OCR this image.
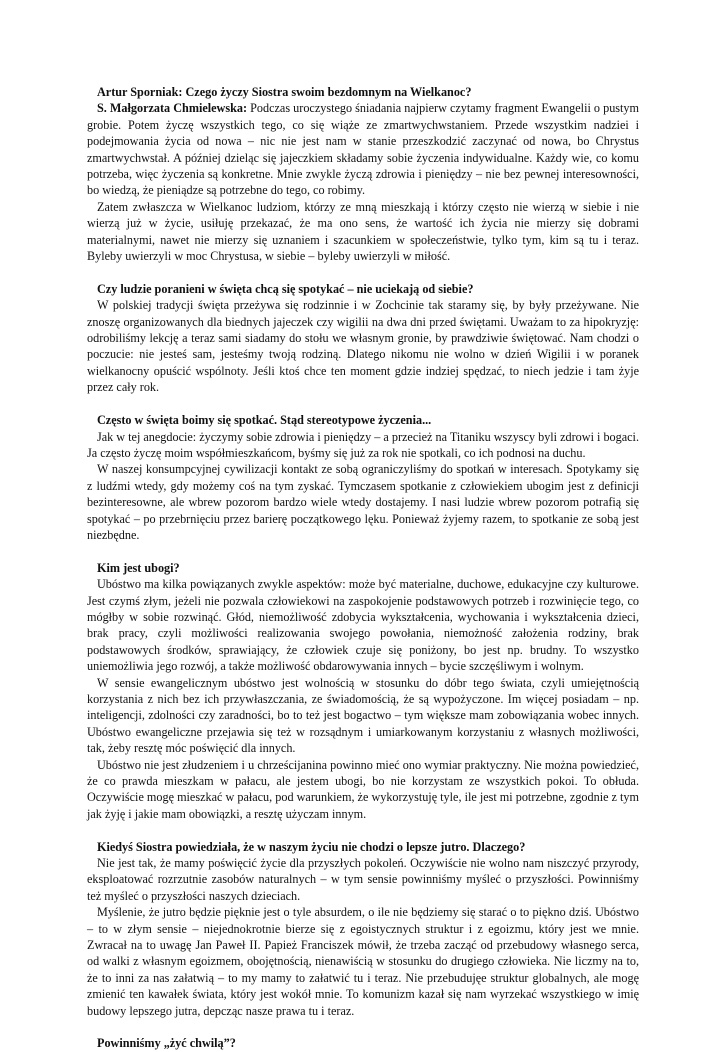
Artur Sporniak: Czego życzy Siostra swoim bezdomnym na Wielkanoc?

S. Małgorzata Chmielewska: Podczas uroczystego śniadania najpierw czytamy fragment Ewangelii o pustym grobie. Potem życzę wszystkich tego, co się wiąże ze zmartwychwstaniem. Przede wszystkim nadziei i podejmowania życia od nowa – nic nie jest nam w stanie przeszkodzić zaczynać od nowa, bo Chrystus zmartwychwstał. A później dzieląc się jajeczkiem składamy sobie życzenia indywidualne. Każdy wie, co komu potrzeba, więc życzenia są konkretne. Mnie zwykle życzą zdrowia i pieniędzy – nie bez pewnej interesowności, bo wiedzą, że pieniądze są potrzebne do tego, co robimy.

Zatem zwłaszcza w Wielkanoc ludziom, którzy ze mną mieszkają i którzy często nie wierzą w siebie i nie wierzą już w życie, usiłuję przekazać, że ma ono sens, że wartość ich życia nie mierzy się dobrami materialnymi, nawet nie mierzy się uznaniem i szacunkiem w społeczeństwie, tylko tym, kim są tu i teraz. Byleby uwierzyli w moc Chrystusa, w siebie – byleby uwierzyli w miłość.

Czy ludzie poranieni w święta chcą się spotykać – nie uciekają od siebie?

W polskiej tradycji święta przeżywa się rodzinnie i w Zochcinie tak staramy się, by były przeżywane. Nie znoszę organizowanych dla biednych jajeczek czy wigilii na dwa dni przed świętami. Uważam to za hipokryzję: odrobiliśmy lekcję a teraz sami siadamy do stołu we własnym gronie, by prawdziwie świętować. Nam chodzi o poczucie: nie jesteś sam, jesteśmy twoją rodziną. Dlatego nikomu nie wolno w dzień Wigilii i w poranek wielkanocny opuścić wspólnoty. Jeśli ktoś chce ten moment gdzie indziej spędzać, to niech jedzie i tam żyje przez cały rok.

Często w święta boimy się spotkać. Stąd stereotypowe życzenia...

Jak w tej anegdocie: życzymy sobie zdrowia i pieniędzy – a przecież na Titaniku wszyscy byli zdrowi i bogaci. Ja często życzę moim współmieszkańcom, byśmy się już za rok nie spotkali, co ich podnosi na duchu.

W naszej konsumpcyjnej cywilizacji kontakt ze sobą ograniczyliśmy do spotkań w interesach. Spotykamy się z ludźmi wtedy, gdy możemy coś na tym zyskać. Tymczasem spotkanie z człowiekiem ubogim jest z definicji bezinteresowne, ale wbrew pozorom bardzo wiele wtedy dostajemy. I nasi ludzie wbrew pozorom potrafią się spotykać – po przebrnięciu przez barierę początkowego lęku. Ponieważ żyjemy razem, to spotkanie ze sobą jest niezbędne.

Kim jest ubogi?

Ubóstwo ma kilka powiązanych zwykle aspektów: może być materialne, duchowe, edukacyjne czy kulturowe. Jest czymś złym, jeżeli nie pozwala człowiekowi na zaspokojenie podstawowych potrzeb i rozwinięcie tego, co mógłby w sobie rozwinąć. Głód, niemożliwość zdobycia wykształcenia, wychowania i wykształcenia dzieci, brak pracy, czyli możliwości realizowania swojego powołania, niemożność założenia rodziny, brak podstawowych środków, sprawiający, że człowiek czuje się poniżony, bo jest np. brudny. To wszystko uniemożliwia jego rozwój, a także możliwość obdarowywania innych – bycie szczęśliwym i wolnym.

W sensie ewangelicznym ubóstwo jest wolnością w stosunku do dóbr tego świata, czyli umiejętnością korzystania z nich bez ich przywłaszczania, ze świadomością, że są wypożyczone. Im więcej posiadam – np. inteligencji, zdolności czy zaradności, bo to też jest bogactwo – tym większe mam zobowiązania wobec innych. Ubóstwo ewangeliczne przejawia się też w rozsądnym i umiarkowanym korzystaniu z własnych możliwości, tak, żeby resztę móc poświęcić dla innych.

Ubóstwo nie jest złudzeniem i u chrześcijanina powinno mieć ono wymiar praktyczny. Nie można powiedzieć, że co prawda mieszkam w pałacu, ale jestem ubogi, bo nie korzystam ze wszystkich pokoi. To obłuda. Oczywiście mogę mieszkać w pałacu, pod warunkiem, że wykorzystuję tyle, ile jest mi potrzebne, zgodnie z tym jak żyję i jakie mam obowiązki, a resztę użyczam innym.

Kiedyś Siostra powiedziała, że w naszym życiu nie chodzi o lepsze jutro. Dlaczego?

Nie jest tak, że mamy poświęcić życie dla przyszłych pokoleń. Oczywiście nie wolno nam niszczyć przyrody, eksploatować rozrzutnie zasobów naturalnych – w tym sensie powinniśmy myśleć o przyszłości. Powinniśmy też myśleć o przyszłości naszych dzieciach.

Myślenie, że jutro będzie pięknie jest o tyle absurdem, o ile nie będziemy się starać o to piękno dziś. Ubóstwo – to w złym sensie – niejednokrotnie bierze się z egoistycznych struktur i z egoizmu, który jest we mnie. Zwracał na to uwagę Jan Paweł II. Papież Franciszek mówił, że trzeba zacząć od przebudowy własnego serca, od walki z własnym egoizmem, obojętnością, nienawiścią w stosunku do drugiego człowieka. Nie liczmy na to, że to inni za nas załatwią – to my mamy to załatwić tu i teraz. Nie przebudujęe struktur globalnych, ale mogę zmienić ten kawałek świata, który jest wokół mnie. To komunizm kazał się nam wyrzekać wszystkiego w imię budowy lepszego jutra, depcząc nasze prawa tu i teraz.

Powinniśmy „żyć chwilą”?
